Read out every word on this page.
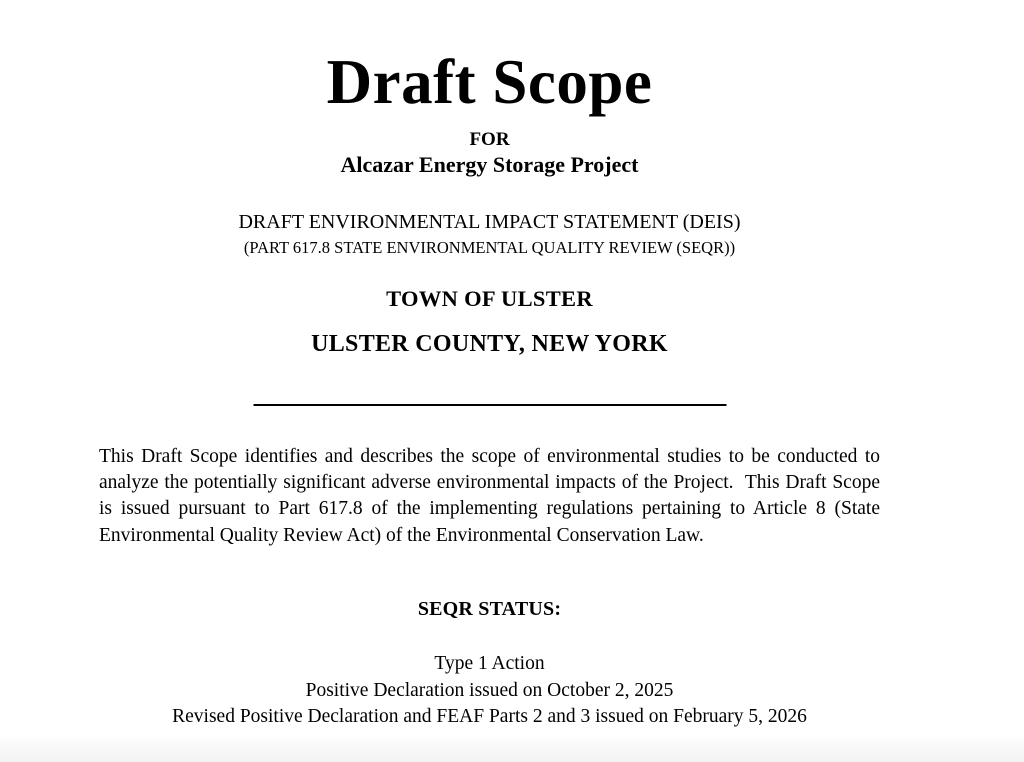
Draft Scope
FOR
Alcazar Energy Storage Project
DRAFT ENVIRONMENTAL IMPACT STATEMENT (DEIS)
(PART 617.8 STATE ENVIRONMENTAL QUALITY REVIEW (SEQR))
TOWN OF ULSTER
ULSTER COUNTY, NEW YORK
This Draft Scope identifies and describes the scope of environmental studies to be conducted to analyze the potentially significant adverse environmental impacts of the Project.  This Draft Scope is issued pursuant to Part 617.8 of the implementing regulations pertaining to Article 8 (State Environmental Quality Review Act) of the Environmental Conservation Law.
SEQR STATUS:
Type 1 Action
Positive Declaration issued on October 2, 2025
Revised Positive Declaration and FEAF Parts 2 and 3 issued on February 5, 2026
